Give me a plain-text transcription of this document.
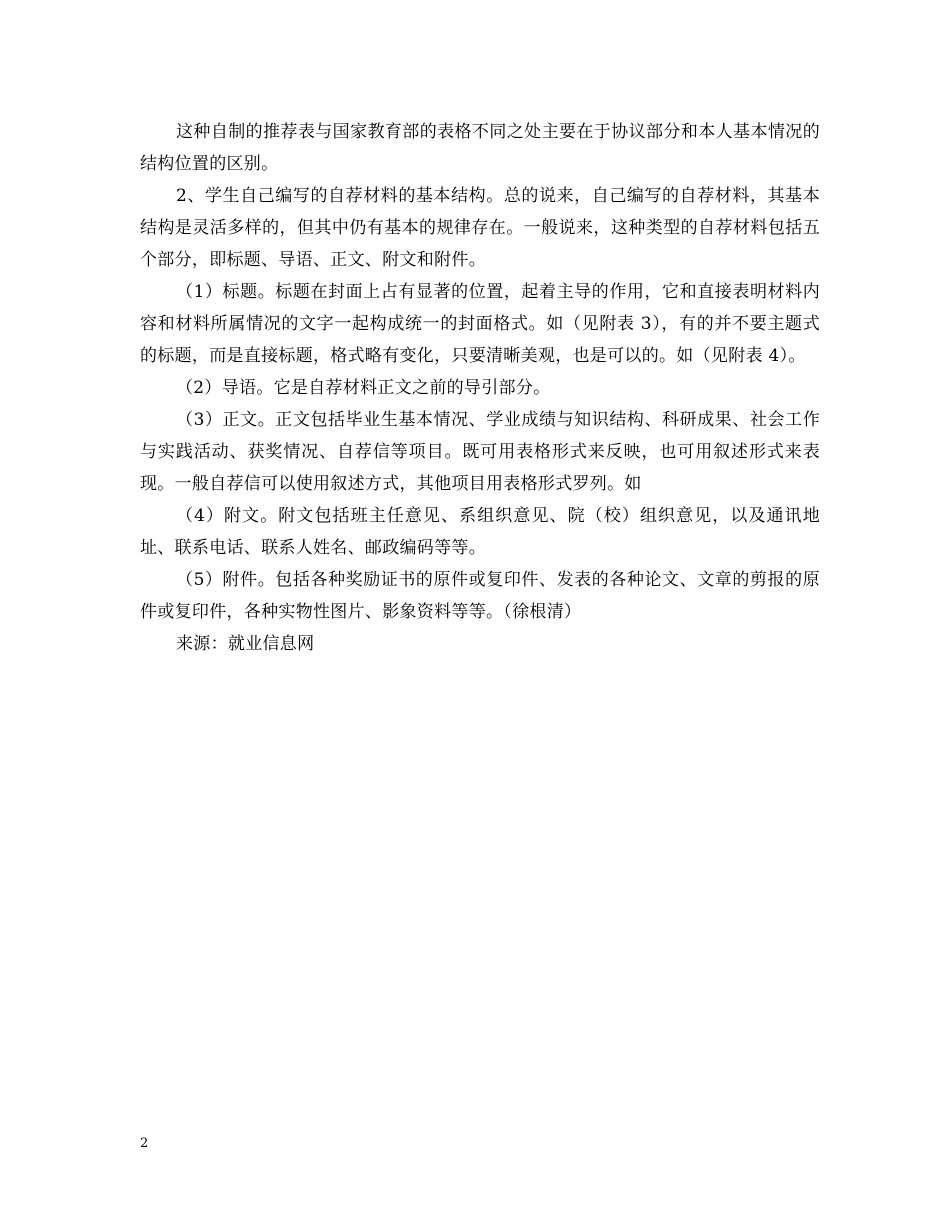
这种自制的推荐表与国家教育部的表格不同之处主要在于协议部分和本人基本情况的结构位置的区别。

2、学生自己编写的自荐材料的基本结构。总的说来，自己编写的自荐材料，其基本结构是灵活多样的，但其中仍有基本的规律存在。一般说来，这种类型的自荐材料包括五个部分，即标题、导语、正文、附文和附件。

（1）标题。标题在封面上占有显著的位置，起着主导的作用，它和直接表明材料内容和材料所属情况的文字一起构成统一的封面格式。如（见附表 3），有的并不要主题式的标题，而是直接标题，格式略有变化，只要清晰美观，也是可以的。如（见附表 4）。

（2）导语。它是自荐材料正文之前的导引部分。

（3）正文。正文包括毕业生基本情况、学业成绩与知识结构、科研成果、社会工作与实践活动、获奖情况、自荐信等项目。既可用表格形式来反映，也可用叙述形式来表现。一般自荐信可以使用叙述方式，其他项目用表格形式罗列。如

（4）附文。附文包括班主任意见、系组织意见、院（校）组织意见，以及通讯地址、联系电话、联系人姓名、邮政编码等等。

（5）附件。包括各种奖励证书的原件或复印件、发表的各种论文、文章的剪报的原件或复印件，各种实物性图片、影象资料等等。（徐根清）

来源：就业信息网

2
